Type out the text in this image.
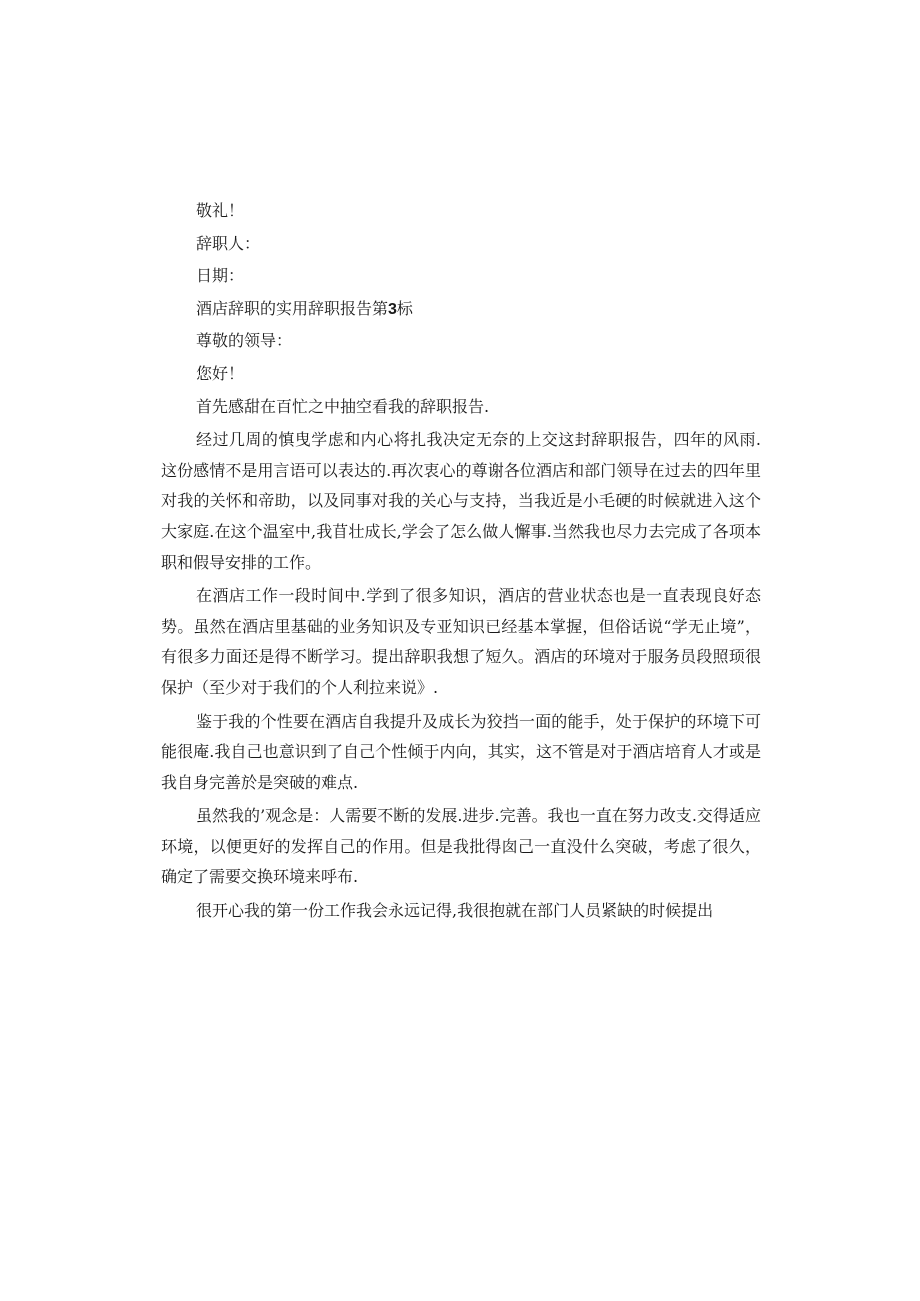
敬礼！
辞职人：
日期：
酒店辞职的实用辞职报告第3标
尊敬的领导：
您好！

首先感甜在百忙之中抽空看我的辞职报告.

经过几周的慎曳学虑和内心将扎我决定无奈的上交这封辞职报告，四年的风雨.这份感情不是用言语可以表达的.再次衷心的尊谢各位酒店和部门领导在过去的四年里对我的关怀和帝助，以及同事对我的关心与支持，当我近是小毛硬的时候就进入这个大家庭.在这个温室中,我苜壮成长,学会了怎么做人懈事.当然我也尽力去完成了各项本职和假导安排的工作。

在酒店工作一段时间中.学到了很多知识，酒店的营业状态也是一直表现良好态势。虽然在酒店里基础的业务知识及专亚知识已经基本掌握，但俗话说“学无止境”，有很多力面还是得不断学习。提出辞职我想了短久。酒店的环境对于服务员段照顼很保护（至少对于我们的个人利拉来说》.

鉴于我的个性要在酒店自我提升及成长为狡挡一面的能手，处于保护的环境下可能很庵.我自己也意识到了自己个性倾于内向，其实，这不管是对于酒店培育人才或是我自身完善於是突破的难点.

虽然我的’观念是：人需要不断的发展.进步.完善。我也一直在努力改支.交得适应环境，以便更好的发挥自己的作用。但是我批得囱己一直没什么突破，考虑了很久，确定了需要交换环境来呼布.

很开心我的第一份工作我会永远记得,我很抱就在部门人员紧缺的时候提出
